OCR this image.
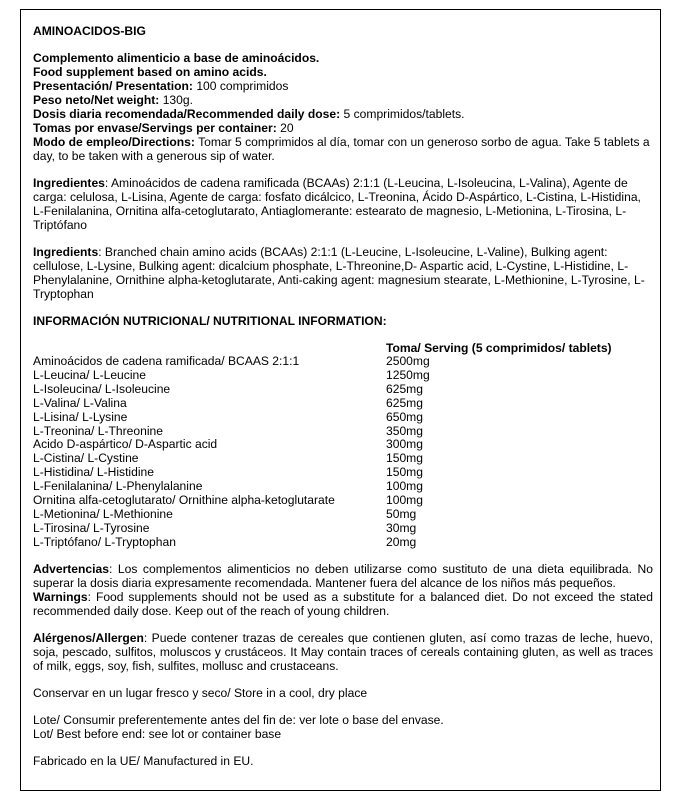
AMINOACIDOS-BIG

Complemento alimenticio a base de aminoácidos.

Food supplement based on amino acids.

Presentación/ Presentation: 100 comprimidos

Peso neto/Net weight: 130g.

Dosis diaria recomendada/Recommended daily dose: 5 comprimidos/tablets.

Tomas por envase/Servings per container: 20

Modo de empleo/Directions: Tomar 5 comprimidos al día, tomar con un generoso sorbo de agua. Take 5 tablets a day, to be taken with a generous sip of water.

Ingredientes: Aminoácidos de cadena ramificada (BCAAs) 2:1:1 (L-Leucina, L-Isoleucina, L-Valina), Agente de carga: celulosa, L-Lisina, Agente de carga: fosfato dicálcico, L-Treonina, Ácido D-Aspártico, L-Cistina, L-Histidina, L-Fenilalanina, Ornitina alfa-cetoglutarato, Antiaglomerante: estearato de magnesio, L-Metionina, L-Tirosina, L-Triptófano

Ingredients: Branched chain amino acids (BCAAs) 2:1:1 (L-Leucine, L-Isoleucine, L-Valine), Bulking agent: cellulose, L-Lysine, Bulking agent: dicalcium phosphate, L-Threonine,D- Aspartic acid, L-Cystine, L-Histidine, L-Phenylalanine, Ornithine alpha-ketoglutarate, Anti-caking agent: magnesium stearate, L-Methionine, L-Tyrosine, L-Tryptophan

INFORMACIÓN NUTRICIONAL/ NUTRITIONAL INFORMATION:

	Toma/ Serving (5 comprimidos/ tablets)
Aminoácidos de cadena ramificada/ BCAAS 2:1:1	2500mg
L-Leucina/ L-Leucine	1250mg
L-Isoleucina/ L-Isoleucine	625mg
L-Valina/ L-Valina	625mg
L-Lisina/ L-Lysine	650mg
L-Treonina/ L-Threonine	350mg
Acido D-aspártico/ D-Aspartic acid	300mg
L-Cistina/ L-Cystine	150mg
L-Histidina/ L-Histidine	150mg
L-Fenilalanina/ L-Phenylalanine	100mg
Ornitina alfa-cetoglutarato/ Ornithine alpha-ketoglutarate	100mg
L-Metionina/ L-Methionine	50mg
L-Tirosina/ L-Tyrosine	30mg
L-Triptófano/ L-Tryptophan	20mg

Advertencias: Los complementos alimenticios no deben utilizarse como sustituto de una dieta equilibrada. No superar la dosis diaria expresamente recomendada. Mantener fuera del alcance de los niños más pequeños.

Warnings: Food supplements should not be used as a substitute for a balanced diet. Do not exceed the stated recommended daily dose. Keep out of the reach of young children.

Alérgenos/Allergen: Puede contener trazas de cereales que contienen gluten, así como trazas de leche, huevo, soja, pescado, sulfitos, moluscos y crustáceos. It May contain traces of cereals containing gluten, as well as traces of milk, eggs, soy, fish, sulfites, mollusc and crustaceans.

Conservar en un lugar fresco y seco/ Store in a cool, dry place

Lote/ Consumir preferentemente antes del fin de: ver lote o base del envase.

Lot/ Best before end: see lot or container base

Fabricado en la UE/ Manufactured in EU.
